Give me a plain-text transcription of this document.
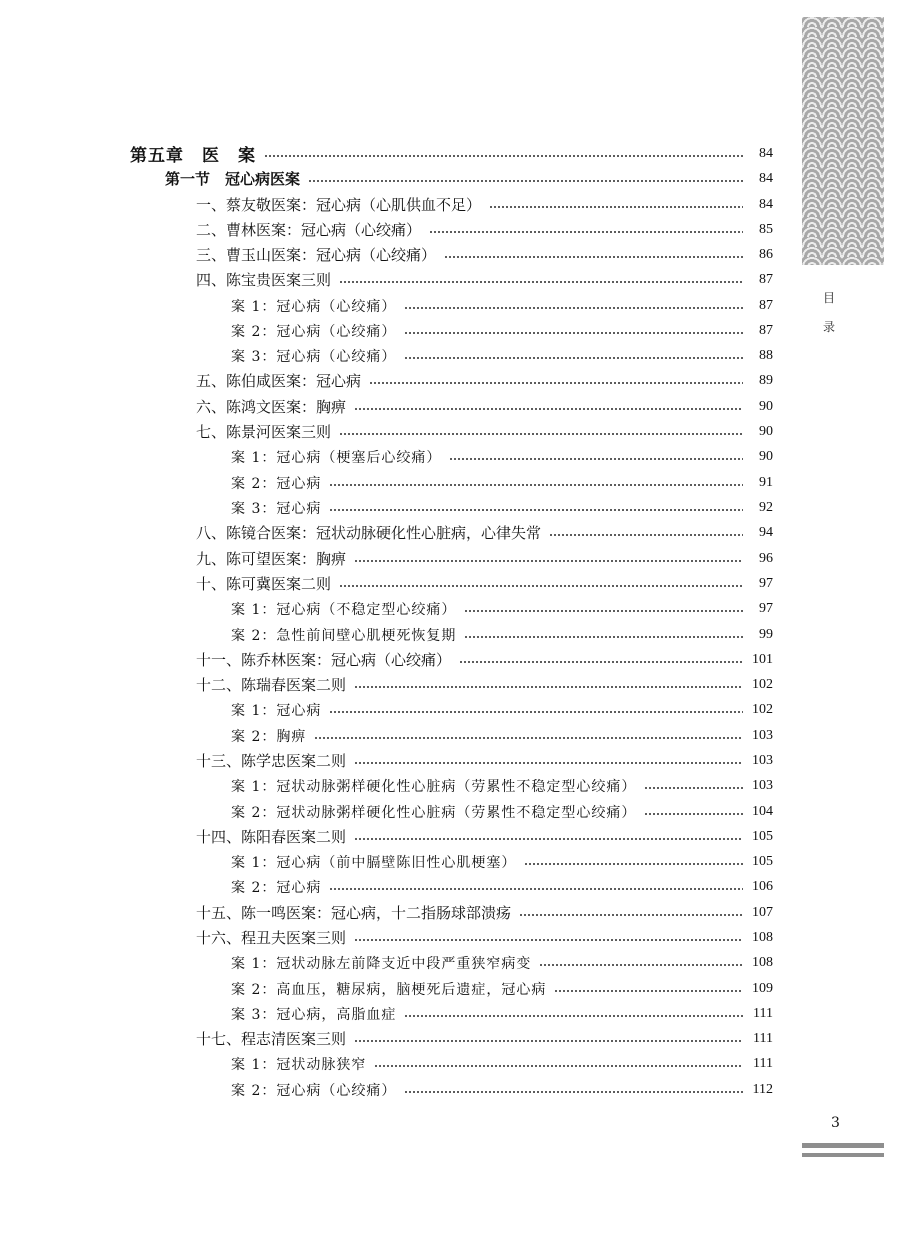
目
录
第五章　医　案	84
第一节　冠心病医案	84
一、蔡友敬医案：冠心病（心肌供血不足）	84
二、曹林医案：冠心病（心绞痛）	85
三、曹玉山医案：冠心病（心绞痛）	86
四、陈宝贵医案三则	87
案 1：冠心病（心绞痛）	87
案 2：冠心病（心绞痛）	87
案 3：冠心病（心绞痛）	88
五、陈伯咸医案：冠心病	89
六、陈鸿文医案：胸痹	90
七、陈景河医案三则	90
案 1：冠心病（梗塞后心绞痛）	90
案 2：冠心病	91
案 3：冠心病	92
八、陈镜合医案：冠状动脉硬化性心脏病，心律失常	94
九、陈可望医案：胸痹	96
十、陈可冀医案二则	97
案 1：冠心病（不稳定型心绞痛）	97
案 2：急性前间壁心肌梗死恢复期	99
十一、陈乔林医案：冠心病（心绞痛）	101
十二、陈瑞春医案二则	102
案 1：冠心病	102
案 2：胸痹	103
十三、陈学忠医案二则	103
案 1：冠状动脉粥样硬化性心脏病（劳累性不稳定型心绞痛）	103
案 2：冠状动脉粥样硬化性心脏病（劳累性不稳定型心绞痛）	104
十四、陈阳春医案二则	105
案 1：冠心病（前中膈壁陈旧性心肌梗塞）	105
案 2：冠心病	106
十五、陈一鸣医案：冠心病，十二指肠球部溃疡	107
十六、程丑夫医案三则	108
案 1：冠状动脉左前降支近中段严重狭窄病变	108
案 2：高血压，糖尿病，脑梗死后遗症，冠心病	109
案 3：冠心病，高脂血症	111
十七、程志清医案三则	111
案 1：冠状动脉狭窄	111
案 2：冠心病（心绞痛）	112
3
